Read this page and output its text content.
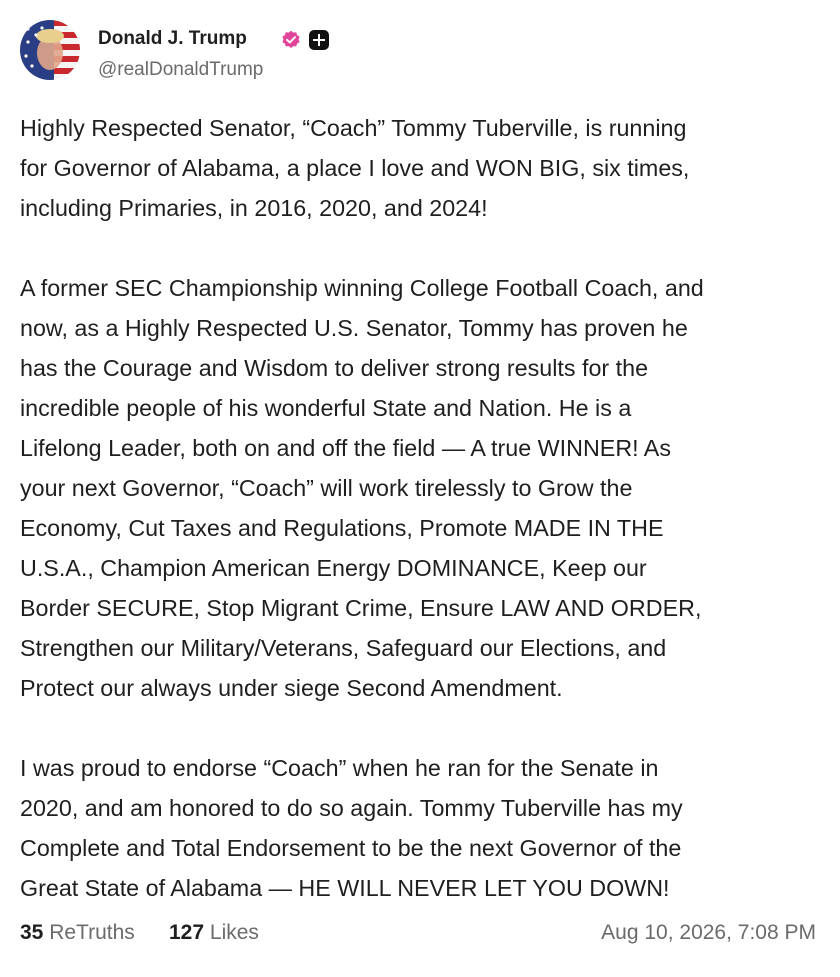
Donald J. Trump
@realDonaldTrump

Highly Respected Senator, “Coach” Tommy Tuberville, is running
for Governor of Alabama, a place I love and WON BIG, six times,
including Primaries, in 2016, 2020, and 2024!

A former SEC Championship winning College Football Coach, and
now, as a Highly Respected U.S. Senator, Tommy has proven he
has the Courage and Wisdom to deliver strong results for the
incredible people of his wonderful State and Nation. He is a
Lifelong Leader, both on and off the field — A true WINNER! As
your next Governor, “Coach” will work tirelessly to Grow the
Economy, Cut Taxes and Regulations, Promote MADE IN THE
U.S.A., Champion American Energy DOMINANCE, Keep our
Border SECURE, Stop Migrant Crime, Ensure LAW AND ORDER,
Strengthen our Military/Veterans, Safeguard our Elections, and
Protect our always under siege Second Amendment.

I was proud to endorse “Coach” when he ran for the Senate in
2020, and am honored to do so again. Tommy Tuberville has my
Complete and Total Endorsement to be the next Governor of the
Great State of Alabama — HE WILL NEVER LET YOU DOWN!

35 ReTruths 127 Likes	Aug 10, 2026, 7:08 PM
